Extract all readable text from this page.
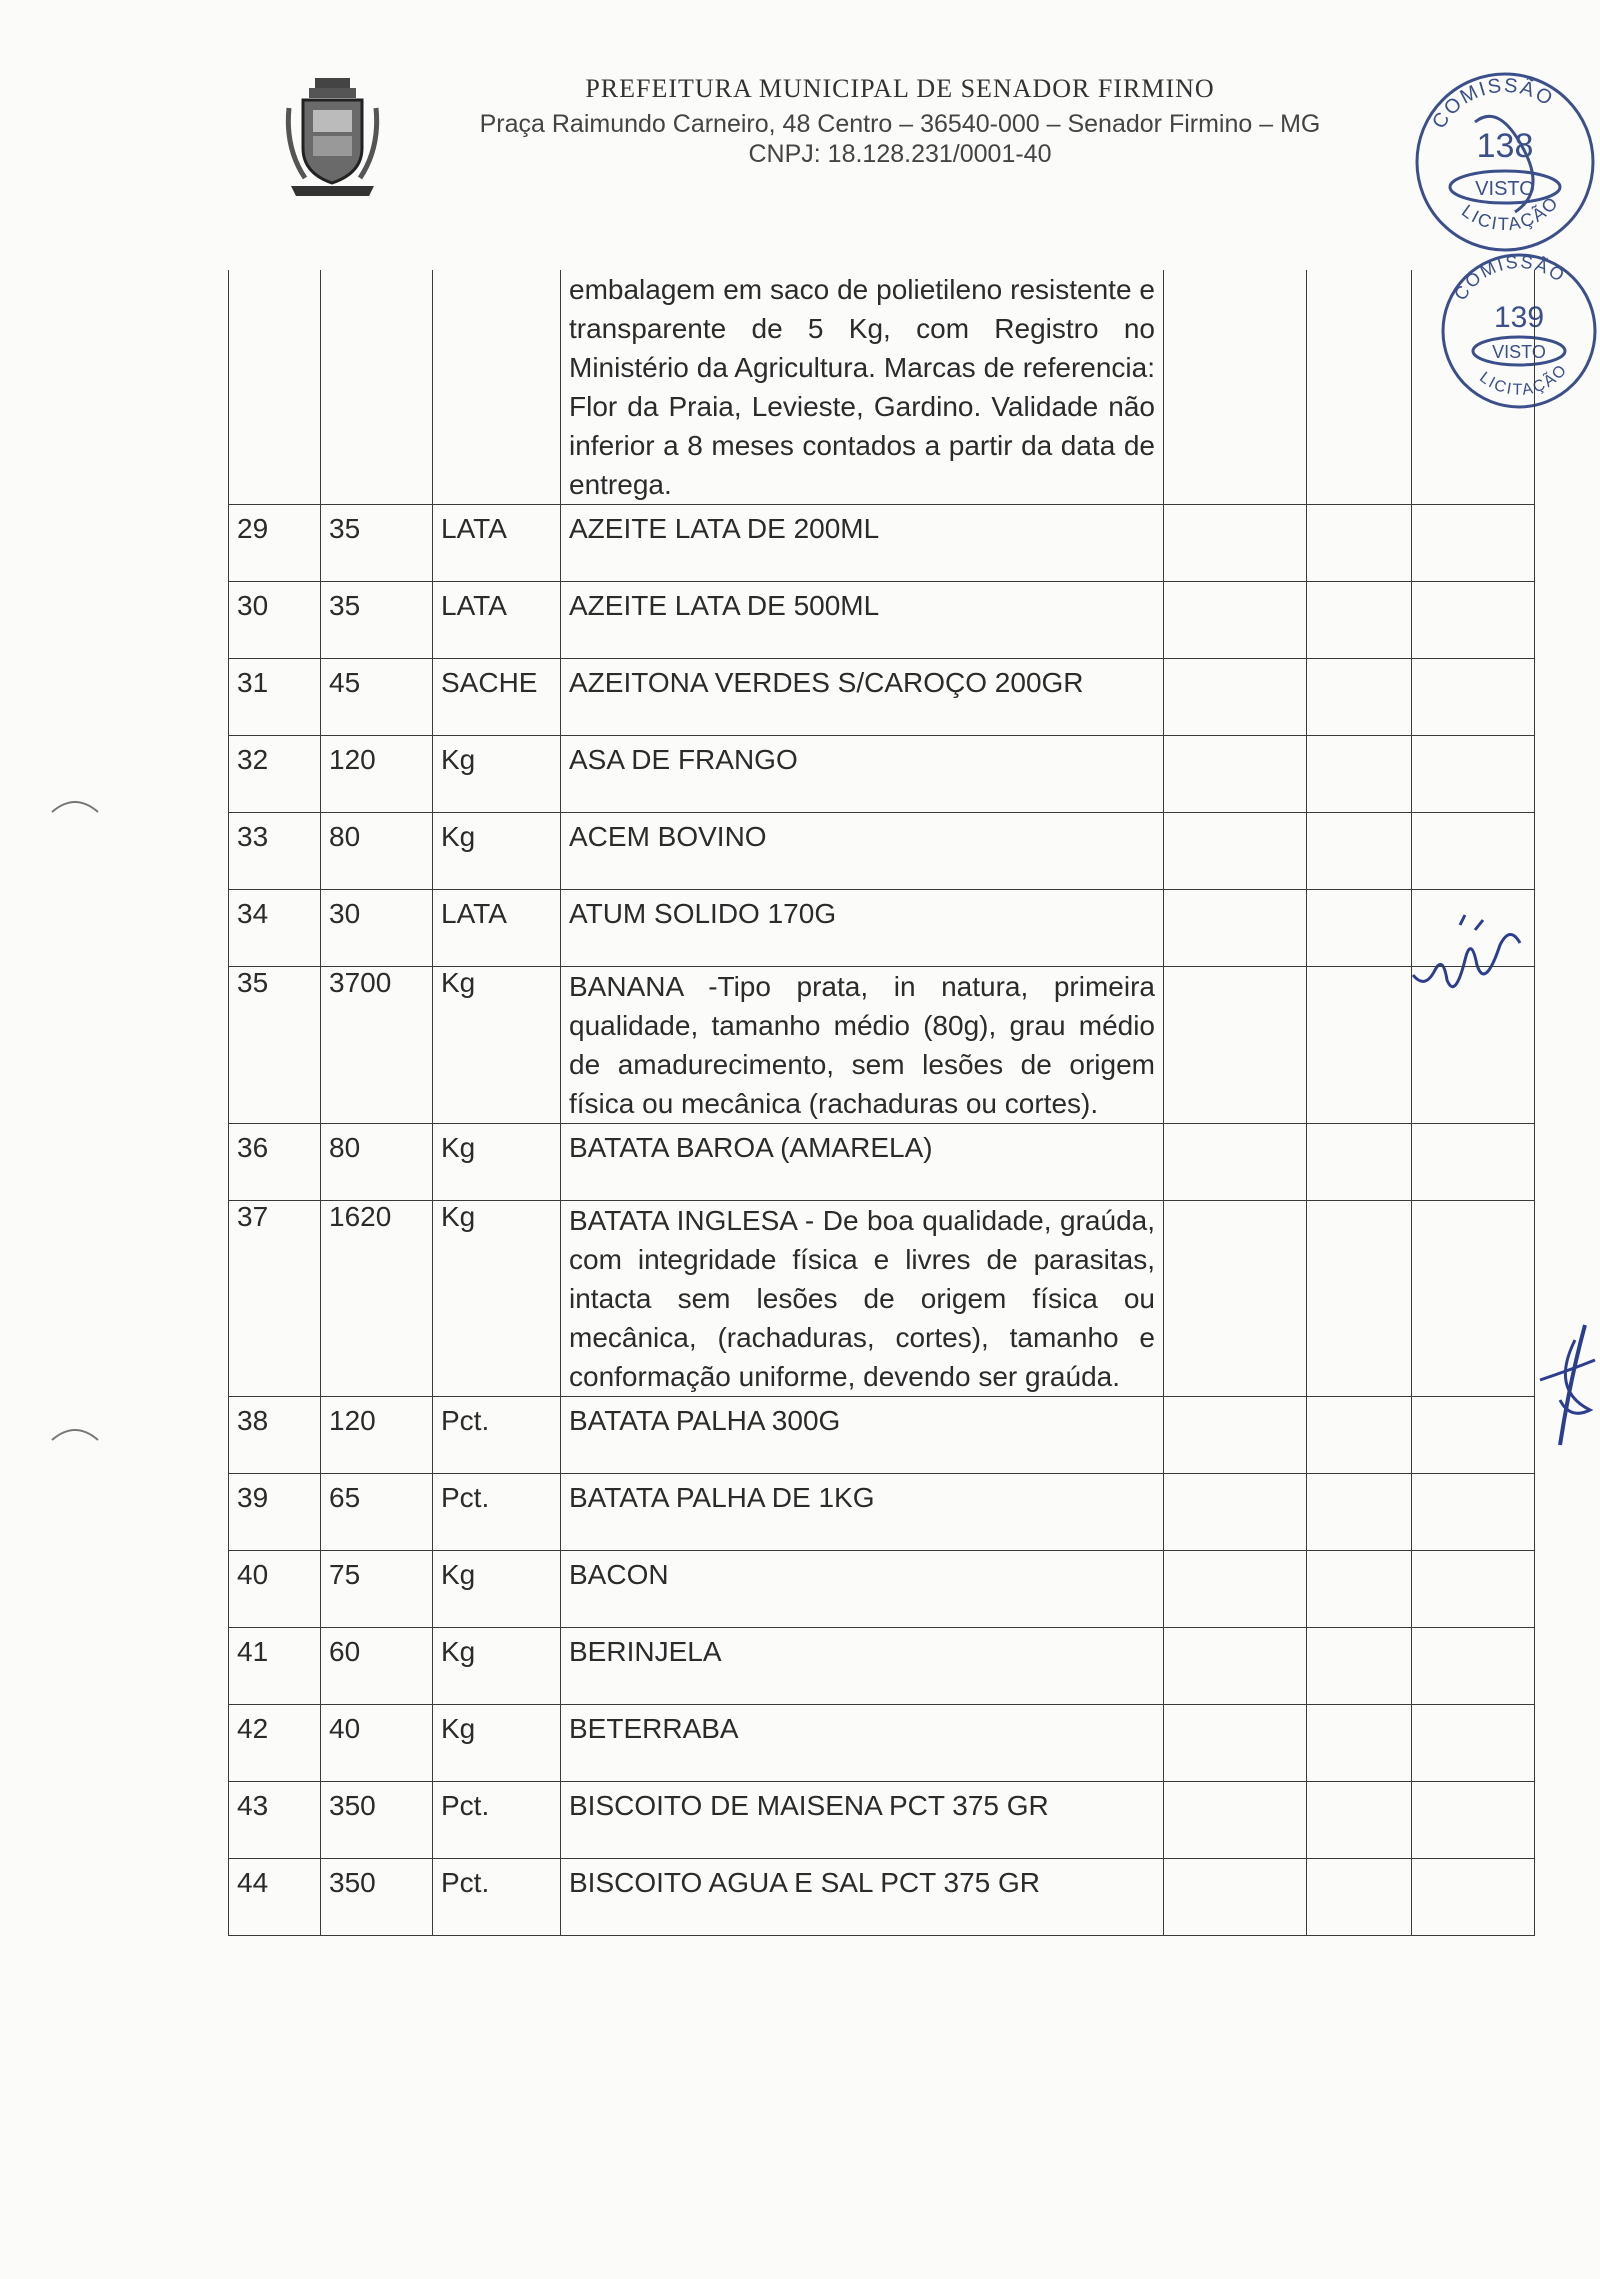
PREFEITURA MUNICIPAL DE SENADOR FIRMINO
Praça Raimundo Carneiro, 48 Centro – 36540-000 – Senador Firmino – MG
CNPJ: 18.128.231/0001-40
COMISSÃO
138
VISTO
LICITAÇÃO
COMISSÃO
139
VISTO
LICITAÇÃO
			embalagem em saco de polietileno resistente e transparente de 5 Kg, com Registro no Ministério da Agricultura. Marcas de referencia: Flor da Praia, Levieste, Gardino. Validade não inferior a 8 meses contados a partir da data de entrega.			
29	35	LATA	AZEITE LATA DE 200ML			
30	35	LATA	AZEITE LATA DE 500ML			
31	45	SACHE	AZEITONA VERDES S/CAROÇO 200GR			
32	120	Kg	ASA DE FRANGO			
33	80	Kg	ACEM BOVINO			
34	30	LATA	ATUM SOLIDO 170G			
35	3700	Kg	BANANA -Tipo prata, in natura, primeira qualidade, tamanho médio (80g), grau médio de amadurecimento, sem lesões de origem física ou mecânica (rachaduras ou cortes).			
36	80	Kg	BATATA BAROA (AMARELA)			
37	1620	Kg	BATATA INGLESA - De boa qualidade, graúda, com integridade física e livres de parasitas, intacta sem lesões de origem física ou mecânica, (rachaduras, cortes), tamanho e conformação uniforme, devendo ser graúda.			
38	120	Pct.	BATATA PALHA 300G			
39	65	Pct.	BATATA PALHA DE 1KG			
40	75	Kg	BACON			
41	60	Kg	BERINJELA			
42	40	Kg	BETERRABA			
43	350	Pct.	BISCOITO DE MAISENA PCT 375 GR			
44	350	Pct.	BISCOITO AGUA E SAL PCT 375 GR			
